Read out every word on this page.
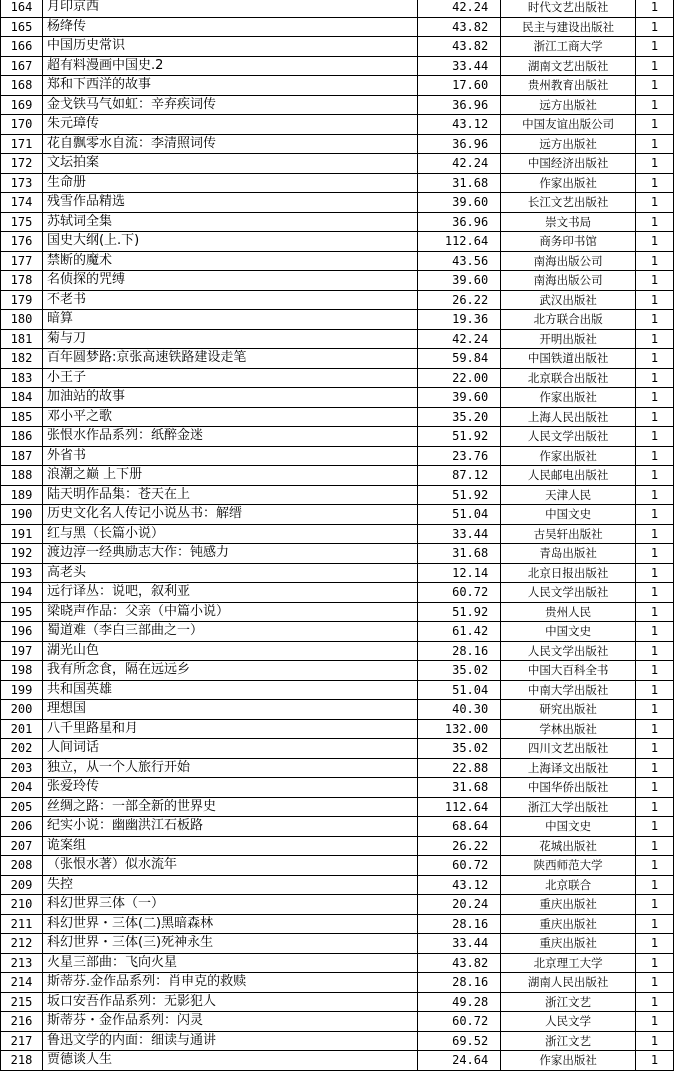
164	月印京西	42.24	时代文艺出版社	1
165	杨绛传	43.82	民主与建设出版社	1
166	中国历史常识	43.82	浙江工商大学	1
167	超有料漫画中国史.2	33.44	湖南文艺出版社	1
168	郑和下西洋的故事	17.60	贵州教育出版社	1
169	金戈铁马气如虹：辛弃疾词传	36.96	远方出版社	1
170	朱元璋传	43.12	中国友谊出版公司	1
171	花自飘零水自流：李清照词传	36.96	远方出版社	1
172	文坛拍案	42.24	中国经济出版社	1
173	生命册	31.68	作家出版社	1
174	残雪作品精选	39.60	长江文艺出版社	1
175	苏轼词全集	36.96	崇文书局	1
176	国史大纲(上.下)	112.64	商务印书馆	1
177	禁断的魔术	43.56	南海出版公司	1
178	名侦探的咒缚	39.60	南海出版公司	1
179	不老书	26.22	武汉出版社	1
180	暗算	19.36	北方联合出版	1
181	菊与刀	42.24	开明出版社	1
182	百年圆梦路:京张高速铁路建设走笔	59.84	中国铁道出版社	1
183	小王子	22.00	北京联合出版社	1
184	加油站的故事	39.60	作家出版社	1
185	邓小平之歌	35.20	上海人民出版社	1
186	张恨水作品系列：纸醉金迷	51.92	人民文学出版社	1
187	外省书	23.76	作家出版社	1
188	浪潮之巅 上下册	87.12	人民邮电出版社	1
189	陆天明作品集：苍天在上	51.92	天津人民	1
190	历史文化名人传记小说丛书：解缙	51.04	中国文史	1
191	红与黑（长篇小说）	33.44	古吴轩出版社	1
192	渡边淳一经典励志大作：钝感力	31.68	青岛出版社	1
193	高老头	12.14	北京日报出版社	1
194	远行译丛：说吧，叙利亚	60.72	人民文学出版社	1
195	梁晓声作品：父亲（中篇小说）	51.92	贵州人民	1
196	蜀道难（李白三部曲之一）	61.42	中国文史	1
197	湖光山色	28.16	人民文学出版社	1
198	我有所念食，隔在远远乡	35.02	中国大百科全书	1
199	共和国英雄	51.04	中南大学出版社	1
200	理想国	40.30	研究出版社	1
201	八千里路星和月	132.00	学林出版社	1
202	人间词话	35.02	四川文艺出版社	1
203	独立，从一个人旅行开始	22.88	上海译文出版社	1
204	张爱玲传	31.68	中国华侨出版社	1
205	丝绸之路：一部全新的世界史	112.64	浙江大学出版社	1
206	纪实小说：幽幽洪江石板路	68.64	中国文史	1
207	诡案组	26.22	花城出版社	1
208	（张恨水著）似水流年	60.72	陕西师范大学	1
209	失控	43.12	北京联合	1
210	科幻世界三体（一）	20.24	重庆出版社	1
211	科幻世界・三体(二)黑暗森林	28.16	重庆出版社	1
212	科幻世界・三体(三)死神永生	33.44	重庆出版社	1
213	火星三部曲：飞向火星	43.82	北京理工大学	1
214	斯蒂芬.金作品系列：肖申克的救赎	28.16	湖南人民出版社	1
215	坂口安吾作品系列：无影犯人	49.28	浙江文艺	1
216	斯蒂芬・金作品系列：闪灵	60.72	人民文学	1
217	鲁迅文学的内面：细读与通讲	69.52	浙江文艺	1
218	贾德谈人生	24.64	作家出版社	1
